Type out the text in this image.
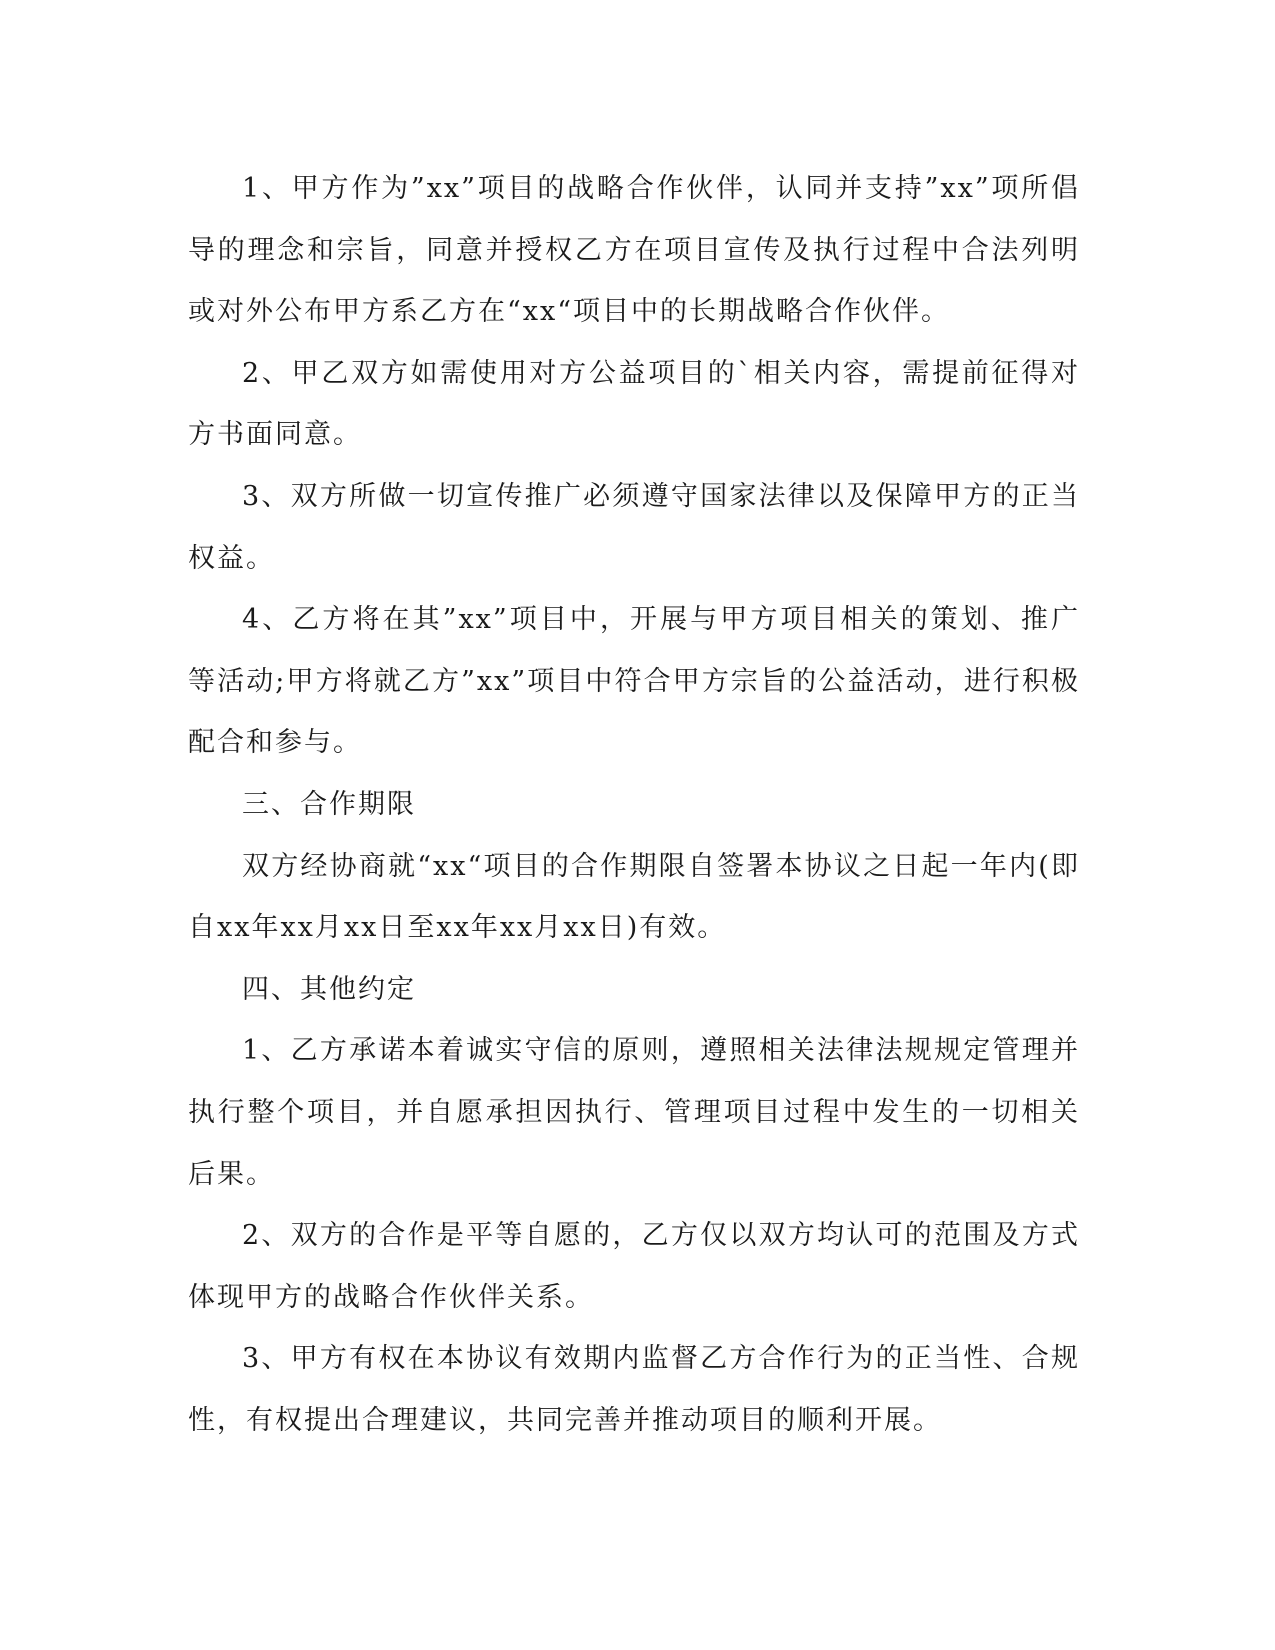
1、甲方作为”xx”项目的战略合作伙伴，认同并支持”xx”项所倡导的理念和宗旨，同意并授权乙方在项目宣传及执行过程中合法列明或对外公布甲方系乙方在“xx“项目中的长期战略合作伙伴。

2、甲乙双方如需使用对方公益项目的`相关内容，需提前征得对方书面同意。

3、双方所做一切宣传推广必须遵守国家法律以及保障甲方的正当权益。

4、乙方将在其”xx”项目中，开展与甲方项目相关的策划、推广等活动;甲方将就乙方”xx”项目中符合甲方宗旨的公益活动，进行积极配合和参与。

三、合作期限

双方经协商就“xx“项目的合作期限自签署本协议之日起一年内(即自xx年xx月xx日至xx年xx月xx日)有效。

四、其他约定

1、乙方承诺本着诚实守信的原则，遵照相关法律法规规定管理并执行整个项目，并自愿承担因执行、管理项目过程中发生的一切相关后果。

2、双方的合作是平等自愿的，乙方仅以双方均认可的范围及方式体现甲方的战略合作伙伴关系。

3、甲方有权在本协议有效期内监督乙方合作行为的正当性、合规性，有权提出合理建议，共同完善并推动项目的顺利开展。
